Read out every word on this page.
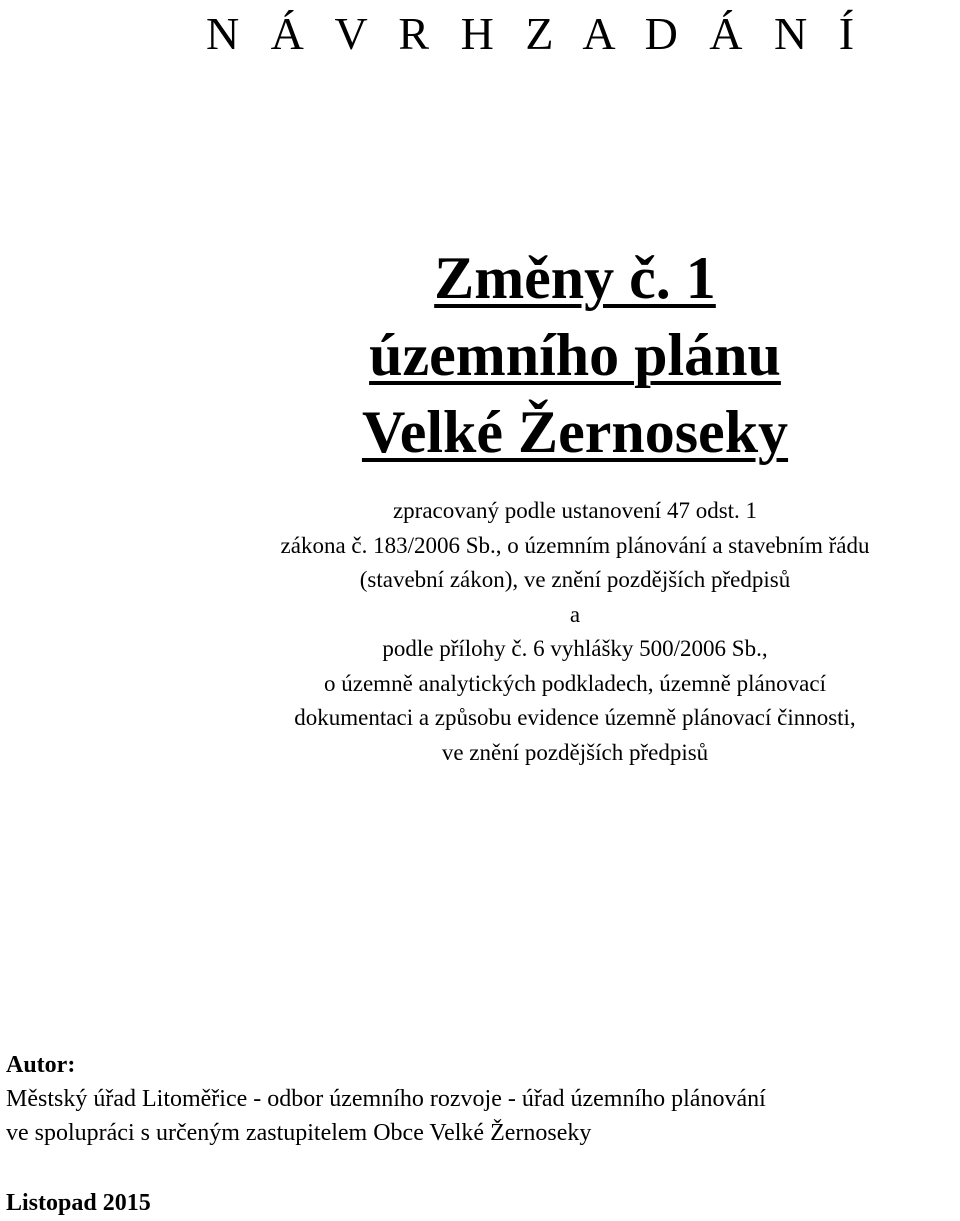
N Á V R H Z A D Á N Í
Změny č. 1
územního plánu
Velké Žernoseky
zpracovaný podle ustanovení 47 odst. 1
zákona č. 183/2006 Sb., o územním plánování a stavebním řádu
(stavební zákon), ve znění pozdějších předpisů
a
podle přílohy č. 6 vyhlášky 500/2006 Sb.,
o územně analytických podkladech, územně plánovací
dokumentaci a způsobu evidence územně plánovací činnosti,
ve znění pozdějších předpisů
Autor:
Městský úřad Litoměřice - odbor územního rozvoje - úřad územního plánování
ve spolupráci s určeným zastupitelem Obce Velké Žernoseky
Listopad 2015
